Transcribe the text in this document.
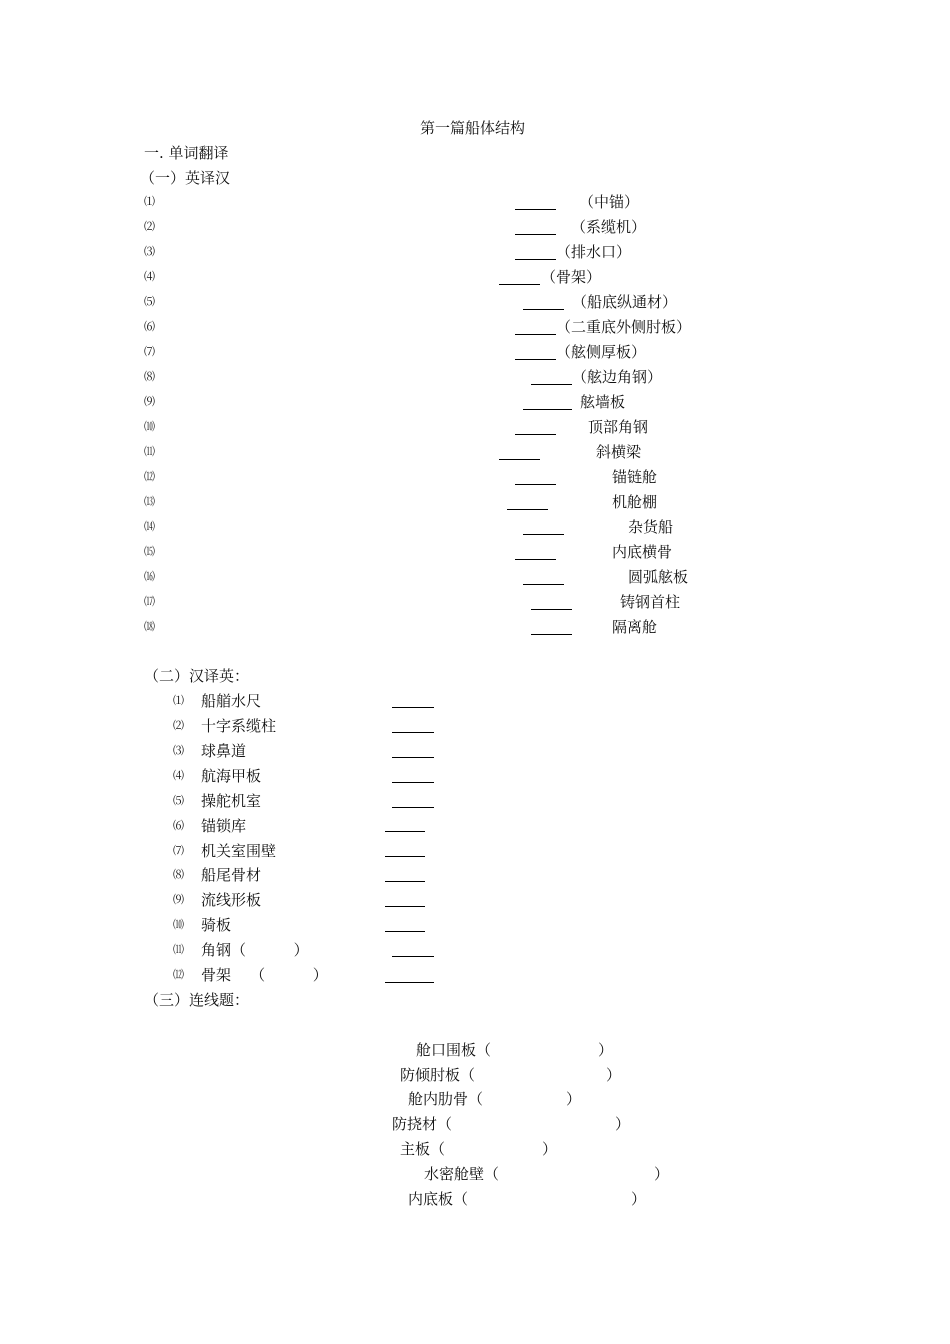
第一篇船体结构
一. 单词翻译
（一）英译汉
⑴	（中锚）
⑵	（系缆机）
⑶	（排水口）
⑷	（骨架）
⑸	（船底纵通材）
⑹	（二重底外侧肘板）
⑺	（舷侧厚板）
⑻	（舷边角钢）
⑼	舷墙板
⑽	顶部角钢
⑾	斜横梁
⑿	锚链舱
⒀	机舱棚
⒁	杂货船
⒂	内底横骨
⒃	圆弧舷板
⒄	铸钢首柱
⒅	隔离舱
（二）汉译英：
⑴ 船艏水尺
⑵ 十字系缆柱
⑶ 球鼻道
⑷ 航海甲板
⑸ 操舵机室
⑹ 锚锁库
⑺ 机关室围壁
⑻ 船尾骨材
⑼ 流线形板
⑽ 骑板
⑾ 角钢（          ）
⑿ 骨架    （          ）
（三）连线题：
舱口围板（	）
防倾肘板（	）
舱内肋骨（	）
防挠材（	）
主板（	）
水密舱壁（	）
内底板（	）
